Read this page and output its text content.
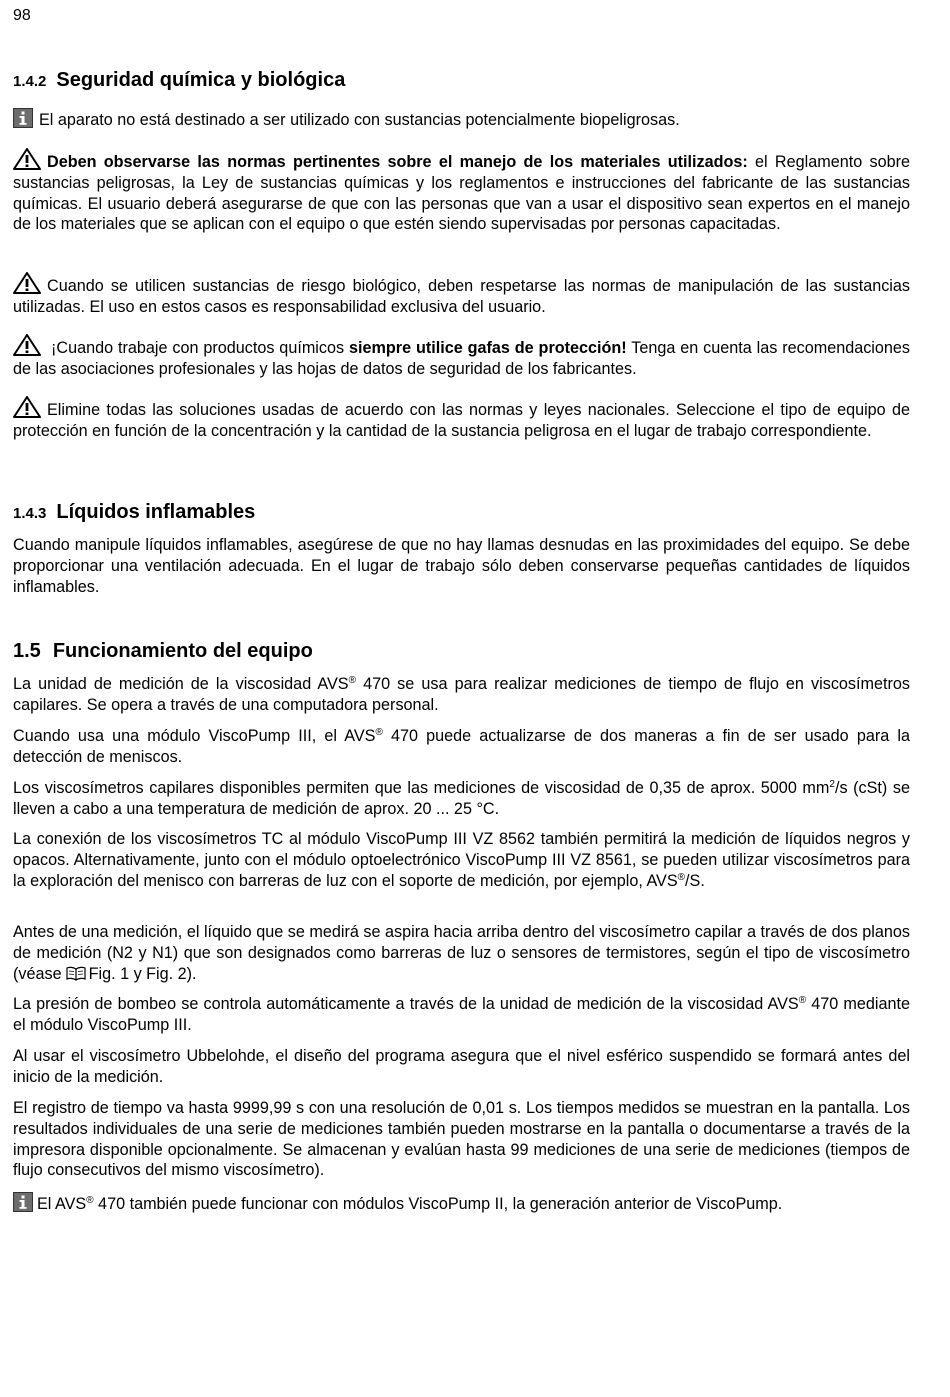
98
1.4.2 Seguridad química y biológica

El aparato no está destinado a ser utilizado con sustancias potencialmente biopeligrosas.

Deben observarse las normas pertinentes sobre el manejo de los materiales utilizados: el Reglamento sobre sustancias peligrosas, la Ley de sustancias químicas y los reglamentos e instrucciones del fabricante de las sustancias químicas. El usuario deberá asegurarse de que con las personas que van a usar el dispositivo sean expertos en el manejo de los materiales que se aplican con el equipo o que estén siendo supervisadas por personas capacitadas.

Cuando se utilicen sustancias de riesgo biológico, deben respetarse las normas de manipulación de las sustancias utilizadas. El uso en estos casos es responsabilidad exclusiva del usuario.

¡Cuando trabaje con productos químicos siempre utilice gafas de protección! Tenga en cuenta las recomendaciones de las asociaciones profesionales y las hojas de datos de seguridad de los fabricantes.

Elimine todas las soluciones usadas de acuerdo con las normas y leyes nacionales. Seleccione el tipo de equipo de protección en función de la concentración y la cantidad de la sustancia peligrosa en el lugar de trabajo correspondiente.

1.4.3 Líquidos inflamables

Cuando manipule líquidos inflamables, asegúrese de que no hay llamas desnudas en las proximidades del equipo. Se debe proporcionar una ventilación adecuada. En el lugar de trabajo sólo deben conservarse pequeñas cantidades de líquidos inflamables.

1.5 Funcionamiento del equipo

La unidad de medición de la viscosidad AVS® 470 se usa para realizar mediciones de tiempo de flujo en viscosímetros capilares. Se opera a través de una computadora personal.

Cuando usa una módulo ViscoPump III, el AVS® 470 puede actualizarse de dos maneras a fin de ser usado para la detección de meniscos.

Los viscosímetros capilares disponibles permiten que las mediciones de viscosidad de 0,35 de aprox. 5000 $mm^2/s$ (cSt) se lleven a cabo a una temperatura de medición de aprox. 20 ... 25 °C.

La conexión de los viscosímetros TC al módulo ViscoPump III VZ 8562 también permitirá la medición de líquidos negros y opacos. Alternativamente, junto con el módulo optoelectrónico ViscoPump III VZ 8561, se pueden utilizar viscosímetros para la exploración del menisco con barreras de luz con el soporte de medición, por ejemplo, AVS®/S.

Antes de una medición, el líquido que se medirá se aspira hacia arriba dentro del viscosímetro capilar a través de dos planos de medición (N2 y N1) que son designados como barreras de luz o sensores de termistores, según el tipo de viscosímetro (véase Fig. 1 y Fig. 2).

La presión de bombeo se controla automáticamente a través de la unidad de medición de la viscosidad AVS® 470 mediante el módulo ViscoPump III.

Al usar el viscosímetro Ubbelohde, el diseño del programa asegura que el nivel esférico suspendido se formará antes del inicio de la medición.

El registro de tiempo va hasta 9999,99 s con una resolución de 0,01 s. Los tiempos medidos se muestran en la pantalla. Los resultados individuales de una serie de mediciones también pueden mostrarse en la pantalla o documentarse a través de la impresora disponible opcionalmente. Se almacenan y evalúan hasta 99 mediciones de una serie de mediciones (tiempos de flujo consecutivos del mismo viscosímetro).

El AVS® 470 también puede funcionar con módulos ViscoPump II, la generación anterior de ViscoPump.
